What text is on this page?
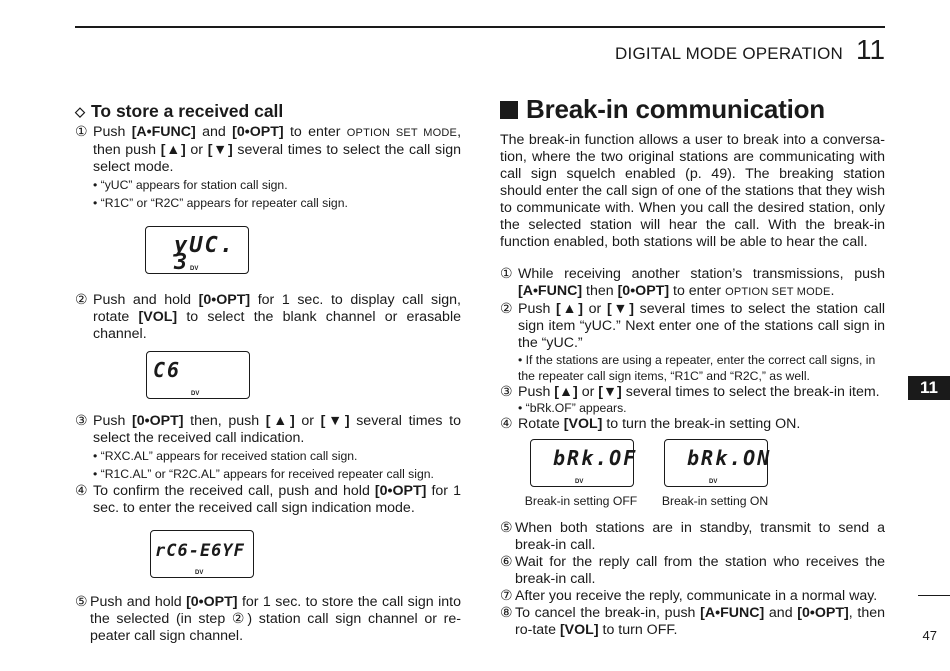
DIGITAL MODE OPERATION 11
11
47
◇ To store a received call

① Push [A•FUNC] and [0•OPT] to enter OPTION SET MODE, then push [▲] or [▼] several times to select the call sign select mode.

• “yUC” appears for station call sign.
• “R1C” or “R2C” appears for repeater call sign.
yUC. 3 DV

② Push and hold [0•OPT] for 1 sec. to display call sign, rotate [VOL] to select the blank channel or erasable channel.

C6
DV

③ Push [0•OPT] then, push [▲] or [▼] several times to select the received call indication.

• “RXC.AL” appears for received station call sign.
• “R1C.AL” or “R2C.AL” appears for received repeater call sign.

④ To confirm the received call, push and hold [0•OPT] for 1 sec. to enter the received call sign indication mode.

rC6-E6YF
DV

⑤ Push and hold [0•OPT] for 1 sec. to store the call sign into the selected (in step ②) station call sign channel or re-peater call sign channel.

Break-in communication

The break-in function allows a user to break into a conversa-tion, where the two original stations are communicating with call sign squelch enabled (p. 49). The breaking station should enter the call sign of one of the stations that they wish to communicate with. When you call the desired station, only the selected station will hear the call. With the break-in function enabled, both stations will be able to hear the call.

① While receiving another station’s transmissions, push [A•FUNC] then [0•OPT] to enter OPTION SET MODE.

② Push [▲] or [▼] several times to select the station call sign item “yUC.” Next enter one of the stations call sign in the “yUC.”

• If the stations are using a repeater, enter the correct call signs, in the repeater call sign items, “R1C” and “R2C,” as well.

③ Push [▲] or [▼] several times to select the break-in item.

• “bRk.OF” appears.

④ Rotate [VOL] to turn the break-in setting ON.

bRk.OF
DV
Break-in setting OFF
bRk.ON
DV
Break-in setting ON

⑤ When both stations are in standby, transmit to send a break-in call.

⑥ Wait for the reply call from the station who receives the break-in call.

⑦ After you receive the reply, communicate in a normal way.

⑧ To cancel the break-in, push [A•FUNC] and [0•OPT], then ro-tate [VOL] to turn OFF.
